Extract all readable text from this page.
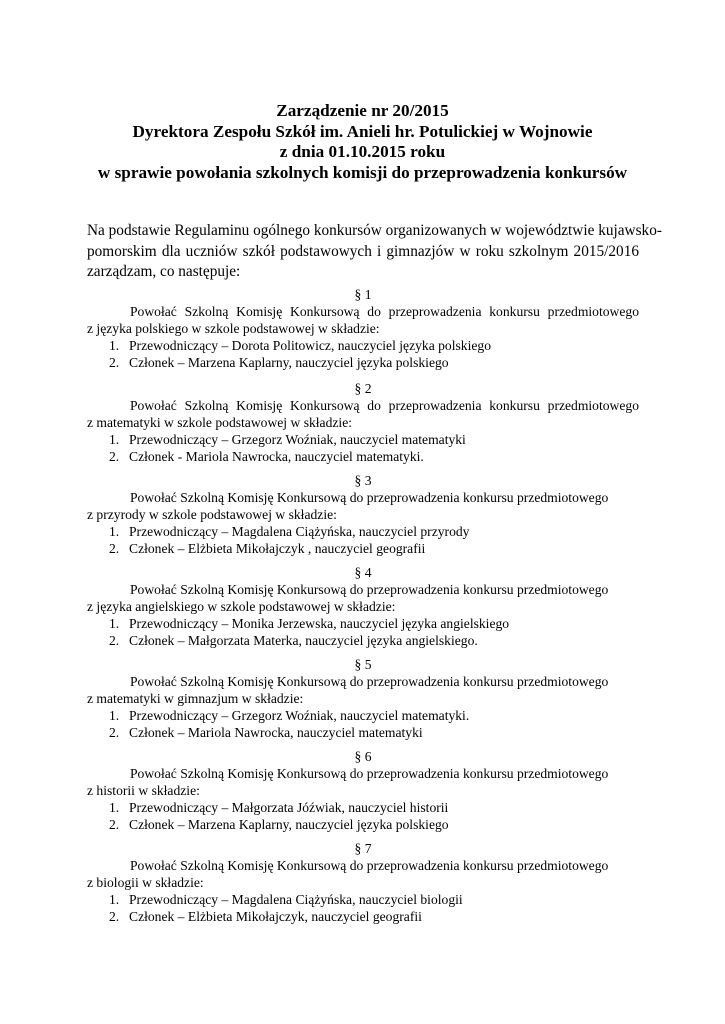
Zarządzenie nr 20/2015
Dyrektora Zespołu Szkół im. Anieli hr. Potulickiej w Wojnowie
z dnia 01.10.2015 roku
w sprawie powołania szkolnych komisji do przeprowadzenia konkursów
Na podstawie Regulaminu ogólnego konkursów organizowanych w województwie kujawsko-
pomorskim dla uczniów szkół podstawowych i gimnazjów w roku szkolnym 2015/2016
zarządzam, co następuje:
§ 1
Powołać Szkolną Komisję Konkursową do przeprowadzenia konkursu przedmiotowego
z języka polskiego w szkole podstawowej w składzie:
1. Przewodniczący – Dorota Politowicz, nauczyciel języka polskiego
2. Członek – Marzena Kaplarny, nauczyciel języka polskiego
§ 2
Powołać Szkolną Komisję Konkursową do przeprowadzenia konkursu przedmiotowego
z matematyki w szkole podstawowej w składzie:
1. Przewodniczący – Grzegorz Woźniak, nauczyciel matematyki
2. Członek - Mariola Nawrocka, nauczyciel matematyki.
§ 3
Powołać Szkolną Komisję Konkursową do przeprowadzenia konkursu przedmiotowego
z przyrody w szkole podstawowej w składzie:
1. Przewodniczący – Magdalena Ciążyńska, nauczyciel przyrody
2. Członek – Elżbieta Mikołajczyk , nauczyciel geografii
§ 4
Powołać Szkolną Komisję Konkursową do przeprowadzenia konkursu przedmiotowego
z języka angielskiego w szkole podstawowej w składzie:
1. Przewodniczący – Monika Jerzewska, nauczyciel języka angielskiego
2. Członek – Małgorzata Materka, nauczyciel języka angielskiego.
§ 5
Powołać Szkolną Komisję Konkursową do przeprowadzenia konkursu przedmiotowego
z matematyki w gimnazjum w składzie:
1. Przewodniczący – Grzegorz Woźniak, nauczyciel matematyki.
2. Członek – Mariola Nawrocka, nauczyciel matematyki
§ 6
Powołać Szkolną Komisję Konkursową do przeprowadzenia konkursu przedmiotowego
z historii w składzie:
1. Przewodniczący – Małgorzata Jóźwiak, nauczyciel historii
2. Członek – Marzena Kaplarny, nauczyciel języka polskiego
§ 7
Powołać Szkolną Komisję Konkursową do przeprowadzenia konkursu przedmiotowego
z biologii w składzie:
1. Przewodniczący – Magdalena Ciążyńska, nauczyciel biologii
2. Członek – Elżbieta Mikołajczyk, nauczyciel geografii
